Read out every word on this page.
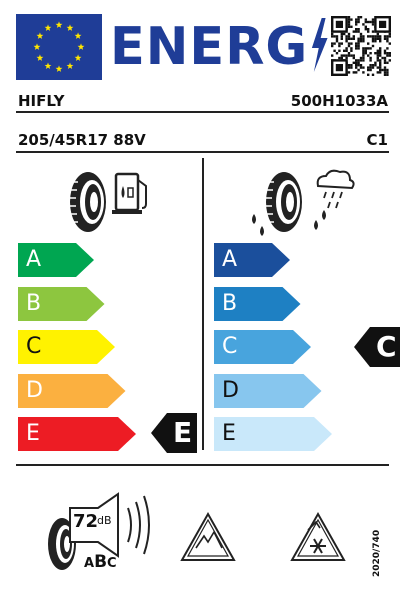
ENERG
HIFLY	500H1033A
205/45R17 88V	C1
A
B
C
D
E
A
B
C
D
E
E
C
72
dB
ABC	2020/740
